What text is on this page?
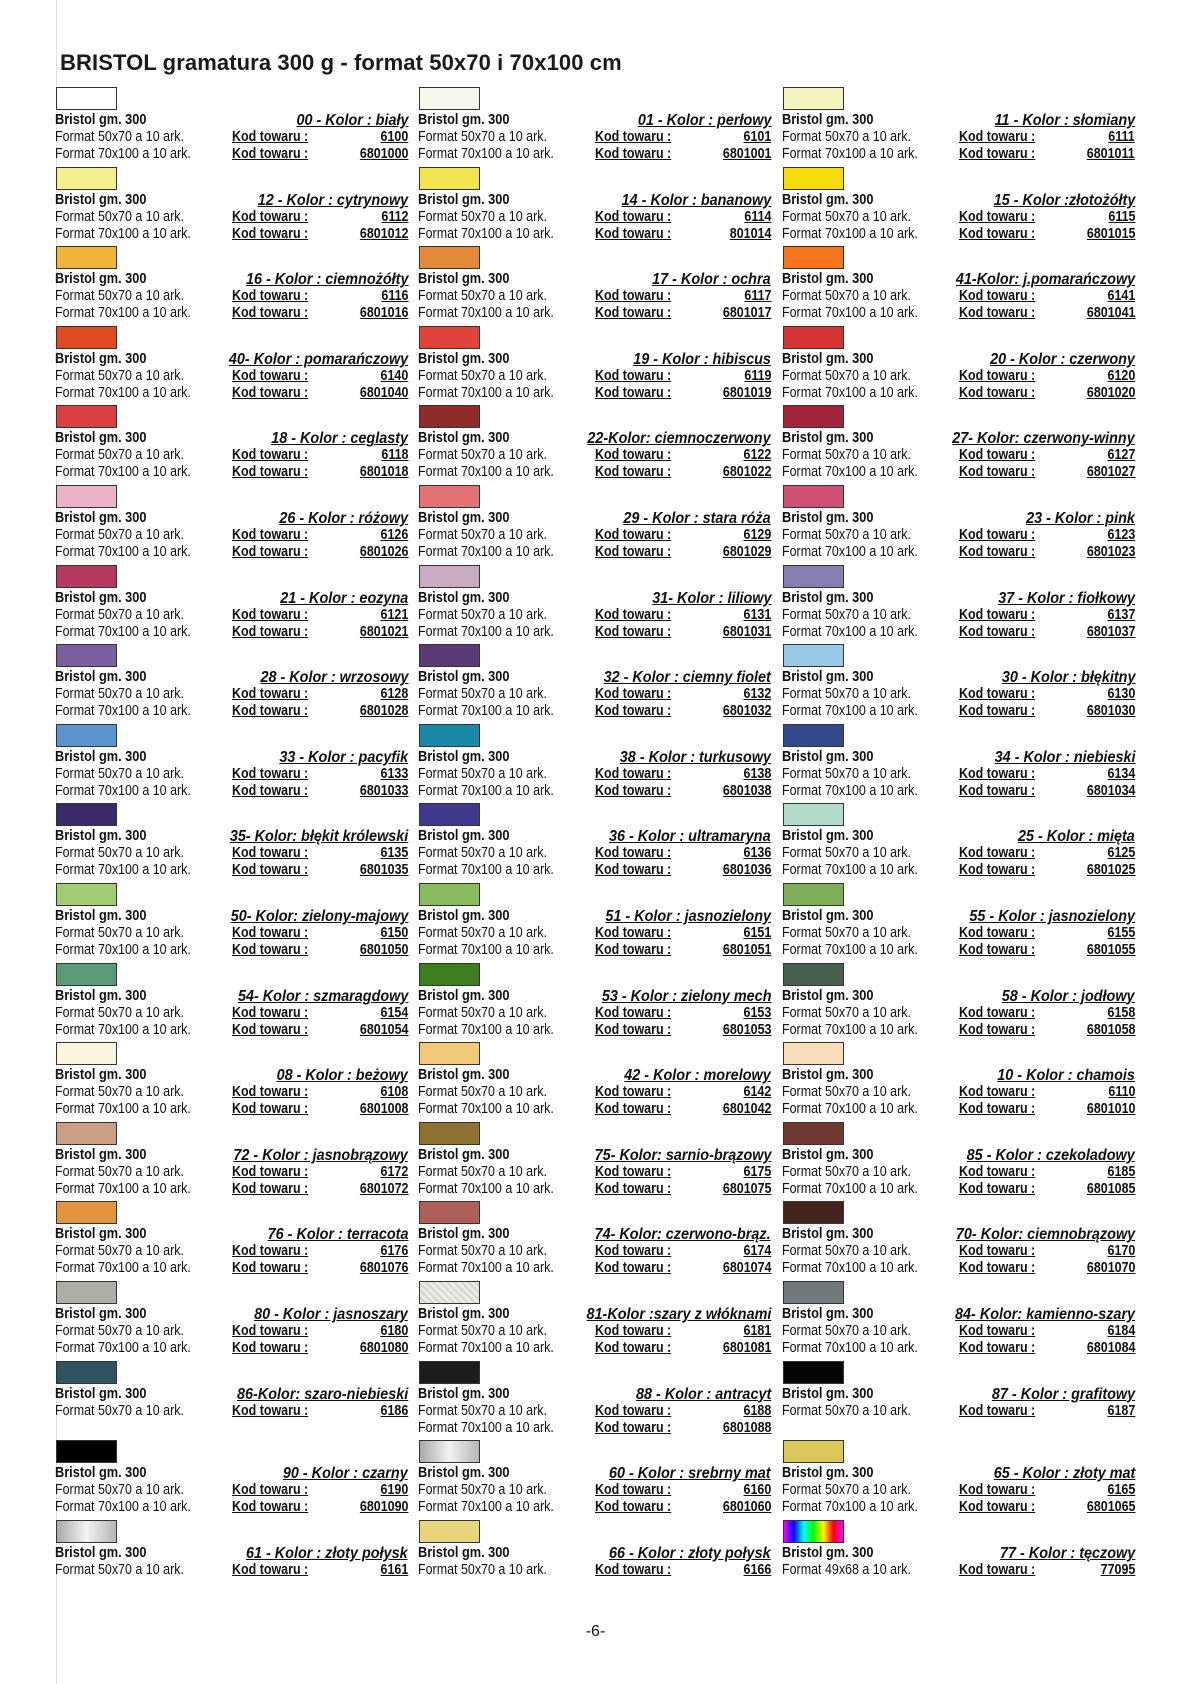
BRISTOL gramatura 300 g - format 50x70 i 70x100 cm
Bristol gm. 300	00 - Kolor : biały
Format 50x70 a 10 ark.	Kod towaru :	6100
Format 70x100 a 10 ark.	Kod towaru :	6801000
Bristol gm. 300	01 - Kolor : perłowy
Format 50x70 a 10 ark.	Kod towaru :	6101
Format 70x100 a 10 ark.	Kod towaru :	6801001
Bristol gm. 300	11 - Kolor : słomiany
Format 50x70 a 10 ark.	Kod towaru :	6111
Format 70x100 a 10 ark.	Kod towaru :	6801011
Bristol gm. 300	12 - Kolor : cytrynowy
Format 50x70 a 10 ark.	Kod towaru :	6112
Format 70x100 a 10 ark.	Kod towaru :	6801012
Bristol gm. 300	14 - Kolor : bananowy
Format 50x70 a 10 ark.	Kod towaru :	6114
Format 70x100 a 10 ark.	Kod towaru :	801014
Bristol gm. 300	15 - Kolor :złotożółty
Format 50x70 a 10 ark.	Kod towaru :	6115
Format 70x100 a 10 ark.	Kod towaru :	6801015
Bristol gm. 300	16 - Kolor : ciemnożółty
Format 50x70 a 10 ark.	Kod towaru :	6116
Format 70x100 a 10 ark.	Kod towaru :	6801016
Bristol gm. 300	17 - Kolor : ochra
Format 50x70 a 10 ark.	Kod towaru :	6117
Format 70x100 a 10 ark.	Kod towaru :	6801017
Bristol gm. 300	41-Kolor: j.pomarańczowy
Format 50x70 a 10 ark.	Kod towaru :	6141
Format 70x100 a 10 ark.	Kod towaru :	6801041
Bristol gm. 300	40- Kolor : pomarańczowy
Format 50x70 a 10 ark.	Kod towaru :	6140
Format 70x100 a 10 ark.	Kod towaru :	6801040
Bristol gm. 300	19 - Kolor : hibiscus
Format 50x70 a 10 ark.	Kod towaru :	6119
Format 70x100 a 10 ark.	Kod towaru :	6801019
Bristol gm. 300	20 - Kolor : czerwony
Format 50x70 a 10 ark.	Kod towaru :	6120
Format 70x100 a 10 ark.	Kod towaru :	6801020
Bristol gm. 300	18 - Kolor : ceglasty
Format 50x70 a 10 ark.	Kod towaru :	6118
Format 70x100 a 10 ark.	Kod towaru :	6801018
Bristol gm. 300	22-Kolor: ciemnoczerwony
Format 50x70 a 10 ark.	Kod towaru :	6122
Format 70x100 a 10 ark.	Kod towaru :	6801022
Bristol gm. 300	27- Kolor: czerwony-winny
Format 50x70 a 10 ark.	Kod towaru :	6127
Format 70x100 a 10 ark.	Kod towaru :	6801027
Bristol gm. 300	26 - Kolor : różowy
Format 50x70 a 10 ark.	Kod towaru :	6126
Format 70x100 a 10 ark.	Kod towaru :	6801026
Bristol gm. 300	29 - Kolor : stara róża
Format 50x70 a 10 ark.	Kod towaru :	6129
Format 70x100 a 10 ark.	Kod towaru :	6801029
Bristol gm. 300	23 - Kolor : pink
Format 50x70 a 10 ark.	Kod towaru :	6123
Format 70x100 a 10 ark.	Kod towaru :	6801023
Bristol gm. 300	21 - Kolor : eozyna
Format 50x70 a 10 ark.	Kod towaru :	6121
Format 70x100 a 10 ark.	Kod towaru :	6801021
Bristol gm. 300	31- Kolor : liliowy
Format 50x70 a 10 ark.	Kod towaru :	6131
Format 70x100 a 10 ark.	Kod towaru :	6801031
Bristol gm. 300	37 - Kolor : fiołkowy
Format 50x70 a 10 ark.	Kod towaru :	6137
Format 70x100 a 10 ark.	Kod towaru :	6801037
Bristol gm. 300	28 - Kolor : wrzosowy
Format 50x70 a 10 ark.	Kod towaru :	6128
Format 70x100 a 10 ark.	Kod towaru :	6801028
Bristol gm. 300	32 - Kolor : ciemny fiolet
Format 50x70 a 10 ark.	Kod towaru :	6132
Format 70x100 a 10 ark.	Kod towaru :	6801032
Bristol gm. 300	30 - Kolor : błękitny
Format 50x70 a 10 ark.	Kod towaru :	6130
Format 70x100 a 10 ark.	Kod towaru :	6801030
Bristol gm. 300	33 - Kolor : pacyfik
Format 50x70 a 10 ark.	Kod towaru :	6133
Format 70x100 a 10 ark.	Kod towaru :	6801033
Bristol gm. 300	38 - Kolor : turkusowy
Format 50x70 a 10 ark.	Kod towaru :	6138
Format 70x100 a 10 ark.	Kod towaru :	6801038
Bristol gm. 300	34 - Kolor : niebieski
Format 50x70 a 10 ark.	Kod towaru :	6134
Format 70x100 a 10 ark.	Kod towaru :	6801034
Bristol gm. 300	35- Kolor: błękit królewski
Format 50x70 a 10 ark.	Kod towaru :	6135
Format 70x100 a 10 ark.	Kod towaru :	6801035
Bristol gm. 300	36 - Kolor : ultramaryna
Format 50x70 a 10 ark.	Kod towaru :	6136
Format 70x100 a 10 ark.	Kod towaru :	6801036
Bristol gm. 300	25 - Kolor : mięta
Format 50x70 a 10 ark.	Kod towaru :	6125
Format 70x100 a 10 ark.	Kod towaru :	6801025
Bristol gm. 300	50- Kolor: zielony-majowy
Format 50x70 a 10 ark.	Kod towaru :	6150
Format 70x100 a 10 ark.	Kod towaru :	6801050
Bristol gm. 300	51 - Kolor : jasnozielony
Format 50x70 a 10 ark.	Kod towaru :	6151
Format 70x100 a 10 ark.	Kod towaru :	6801051
Bristol gm. 300	55 - Kolor : jasnozielony
Format 50x70 a 10 ark.	Kod towaru :	6155
Format 70x100 a 10 ark.	Kod towaru :	6801055
Bristol gm. 300	54- Kolor : szmaragdowy
Format 50x70 a 10 ark.	Kod towaru :	6154
Format 70x100 a 10 ark.	Kod towaru :	6801054
Bristol gm. 300	53 - Kolor : zielony mech
Format 50x70 a 10 ark.	Kod towaru :	6153
Format 70x100 a 10 ark.	Kod towaru :	6801053
Bristol gm. 300	58 - Kolor : jodłowy
Format 50x70 a 10 ark.	Kod towaru :	6158
Format 70x100 a 10 ark.	Kod towaru :	6801058
Bristol gm. 300	08 - Kolor : beżowy
Format 50x70 a 10 ark.	Kod towaru :	6108
Format 70x100 a 10 ark.	Kod towaru :	6801008
Bristol gm. 300	42 - Kolor : morelowy
Format 50x70 a 10 ark.	Kod towaru :	6142
Format 70x100 a 10 ark.	Kod towaru :	6801042
Bristol gm. 300	10 - Kolor : chamois
Format 50x70 a 10 ark.	Kod towaru :	6110
Format 70x100 a 10 ark.	Kod towaru :	6801010
Bristol gm. 300	72 - Kolor : jasnobrązowy
Format 50x70 a 10 ark.	Kod towaru :	6172
Format 70x100 a 10 ark.	Kod towaru :	6801072
Bristol gm. 300	75- Kolor: sarnio-brązowy
Format 50x70 a 10 ark.	Kod towaru :	6175
Format 70x100 a 10 ark.	Kod towaru :	6801075
Bristol gm. 300	85 - Kolor : czekoladowy
Format 50x70 a 10 ark.	Kod towaru :	6185
Format 70x100 a 10 ark.	Kod towaru :	6801085
Bristol gm. 300	76 - Kolor : terracota
Format 50x70 a 10 ark.	Kod towaru :	6176
Format 70x100 a 10 ark.	Kod towaru :	6801076
Bristol gm. 300	74- Kolor: czerwono-brąz.
Format 50x70 a 10 ark.	Kod towaru :	6174
Format 70x100 a 10 ark.	Kod towaru :	6801074
Bristol gm. 300	70- Kolor: ciemnobrązowy
Format 50x70 a 10 ark.	Kod towaru :	6170
Format 70x100 a 10 ark.	Kod towaru :	6801070
Bristol gm. 300	80 - Kolor : jasnoszary
Format 50x70 a 10 ark.	Kod towaru :	6180
Format 70x100 a 10 ark.	Kod towaru :	6801080
Bristol gm. 300	81-Kolor :szary z włóknami
Format 50x70 a 10 ark.	Kod towaru :	6181
Format 70x100 a 10 ark.	Kod towaru :	6801081
Bristol gm. 300	84- Kolor: kamienno-szary
Format 50x70 a 10 ark.	Kod towaru :	6184
Format 70x100 a 10 ark.	Kod towaru :	6801084
Bristol gm. 300	86-Kolor: szaro-niebieski
Format 50x70 a 10 ark.	Kod towaru :	6186
Bristol gm. 300	88 - Kolor : antracyt
Format 50x70 a 10 ark.	Kod towaru :	6188
Format 70x100 a 10 ark.	Kod towaru :	6801088
Bristol gm. 300	87 - Kolor : grafitowy
Format 50x70 a 10 ark.	Kod towaru :	6187
Bristol gm. 300	90 - Kolor : czarny
Format 50x70 a 10 ark.	Kod towaru :	6190
Format 70x100 a 10 ark.	Kod towaru :	6801090
Bristol gm. 300	60 - Kolor : srebrny mat
Format 50x70 a 10 ark.	Kod towaru :	6160
Format 70x100 a 10 ark.	Kod towaru :	6801060
Bristol gm. 300	65 - Kolor : złoty mat
Format 50x70 a 10 ark.	Kod towaru :	6165
Format 70x100 a 10 ark.	Kod towaru :	6801065
Bristol gm. 300	61 - Kolor : złoty połysk
Format 50x70 a 10 ark.	Kod towaru :	6161
Bristol gm. 300	66 - Kolor : złoty połysk
Format 50x70 a 10 ark.	Kod towaru :	6166
Bristol gm. 300	77 - Kolor : tęczowy
Format 49x68 a 10 ark.	Kod towaru :	77095
-6-
